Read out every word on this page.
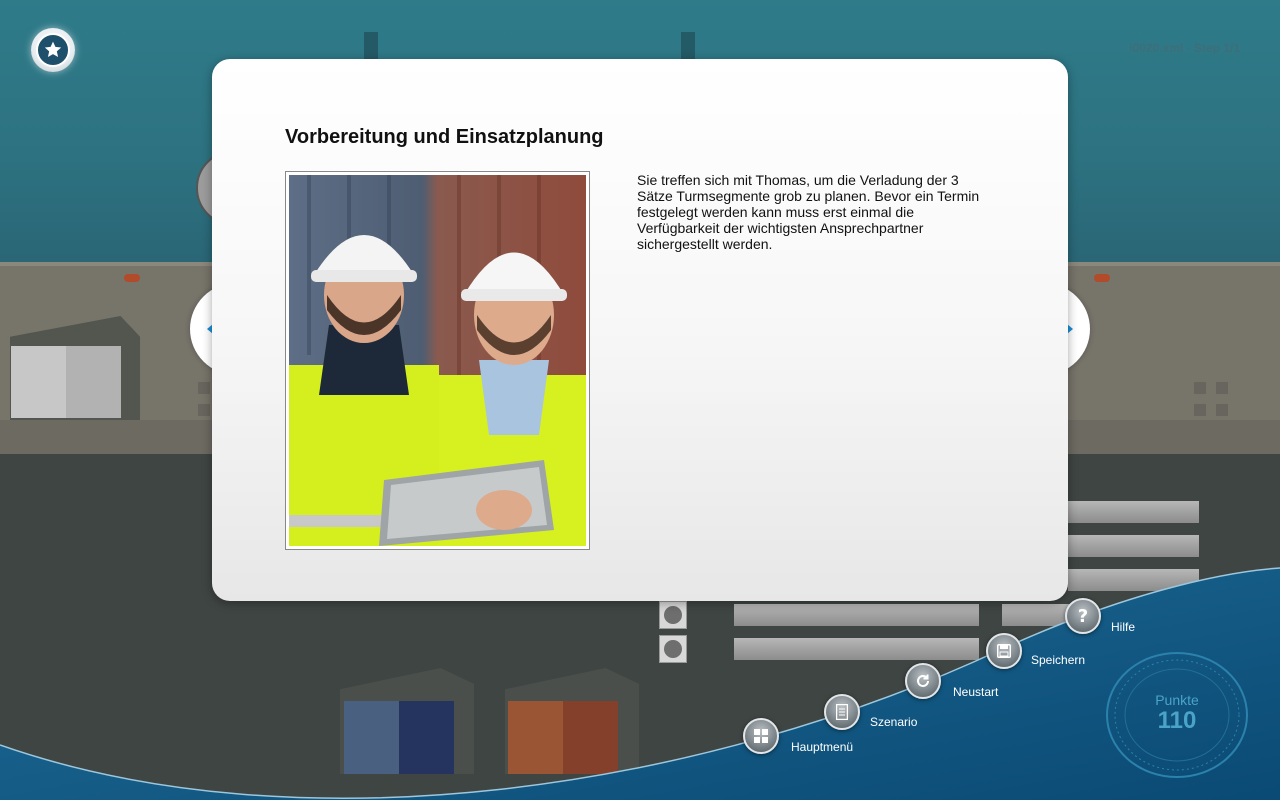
i0020.xml - Step 1/1
Punkte
110
Hauptmenü
Szenario
Neustart
Speichern
?
Hilfe
Vorbereitung und Einsatzplanung
Sie treffen sich mit Thomas, um die Verladung der 3 Sätze Turmsegmente grob zu planen. Bevor ein Termin festgelegt werden kann muss erst einmal die Verfügbarkeit der wichtigsten Ansprechpartner sichergestellt werden.
